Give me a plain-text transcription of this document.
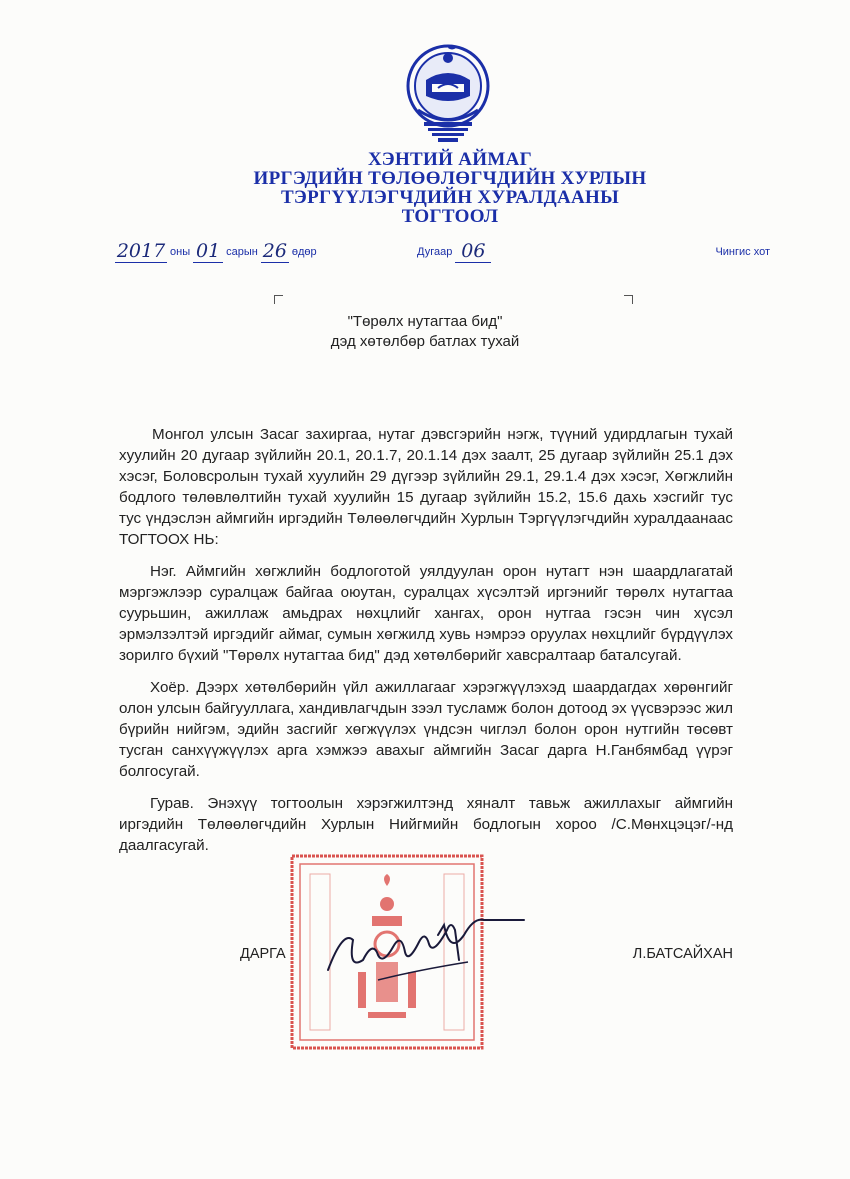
ХЭНТИЙ АЙМАГ
ИРГЭДИЙН ТӨЛӨӨЛӨГЧДИЙН ХУРЛЫН
ТЭРГҮҮЛЭГЧДИЙН ХУРАЛДААНЫ
ТОГТООЛ
2017 оны 01 сарын 26 өдөр	Дугаар 06	Чингис хот
"Төрөлх нутагтаа бид"
дэд хөтөлбөр батлах тухай

Монгол улсын Засаг захиргаа, нутаг дэвсгэрийн нэгж, түүний удирдлагын тухай хуулийн 20 дугаар зүйлийн 20.1, 20.1.7, 20.1.14 дэх заалт, 25 дугаар зүйлийн 25.1 дэх хэсэг, Боловсролын тухай хуулийн 29 дүгээр зүйлийн 29.1, 29.1.4 дэх хэсэг, Хөгжлийн бодлого төлөвлөлтийн тухай хуулийн 15 дугаар зүйлийн 15.2, 15.6 дахь хэсгийг тус тус үндэслэн аймгийн иргэдийн Төлөөлөгчдийн Хурлын Тэргүүлэгчдийн хуралдаанаас ТОГТООХ НЬ:

Нэг. Аймгийн хөгжлийн бодлоготой уялдуулан орон нутагт нэн шаардлагатай мэргэжлээр суралцаж байгаа оюутан, суралцах хүсэлтэй иргэнийг төрөлх нутагтаа суурьшин, ажиллаж амьдрах нөхцлийг хангах, орон нутгаа гэсэн чин хүсэл эрмэлзэлтэй иргэдийг аймаг, сумын хөгжилд хувь нэмрээ оруулах нөхцлийг бүрдүүлэх зорилго бүхий "Төрөлх нутагтаа бид" дэд хөтөлбөрийг хавсралтаар баталсугай.

Хоёр. Дээрх хөтөлбөрийн үйл ажиллагааг хэрэгжүүлэхэд шаардагдах хөрөнгийг олон улсын байгууллага, хандивлагчдын зээл тусламж болон дотоод эх үүсвэрээс жил бүрийн нийгэм, эдийн засгийг хөгжүүлэх үндсэн чиглэл болон орон нутгийн төсөвт тусган санхүүжүүлэх арга хэмжээ авахыг аймгийн Засаг дарга Н.Ганбямбад үүрэг болгосугай.

Гурав. Энэхүү тогтоолын хэрэгжилтэнд хяналт тавьж ажиллахыг аймгийн иргэдийн Төлөөлөгчдийн Хурлын Нийгмийн бодлогын хороо /С.Мөнхцэцэг/-нд даалгасугай.

ДАРГА	Л.БАТСАЙХАН
